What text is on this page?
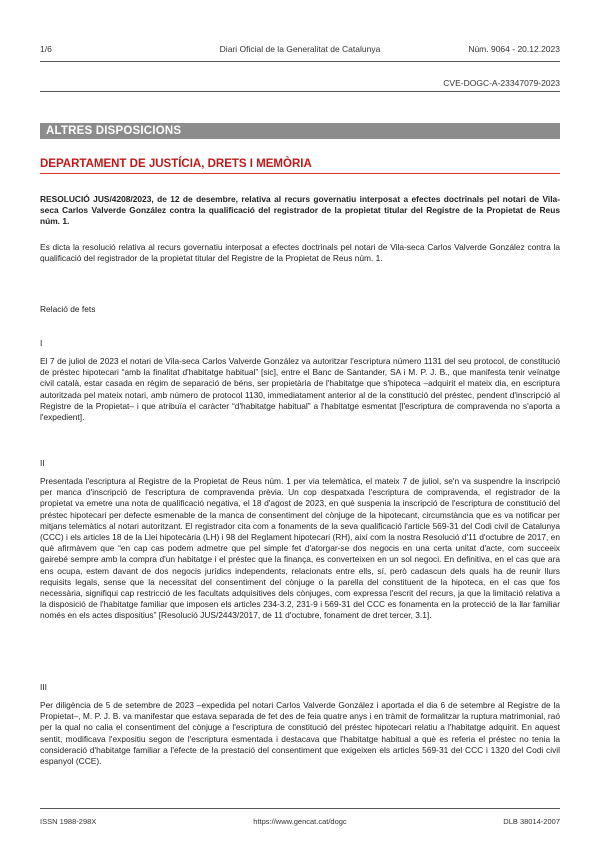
1/6	Diari Oficial de la Generalitat de Catalunya	Núm. 9064 - 20.12.2023
CVE-DOGC-A-23347079-2023
ALTRES DISPOSICIONS
DEPARTAMENT DE JUSTÍCIA, DRETS I MEMÒRIA
RESOLUCIÓ JUS/4208/2023, de 12 de desembre, relativa al recurs governatiu interposat a efectes doctrinals pel notari de Vila-seca Carlos Valverde González contra la qualificació del registrador de la propietat titular del Registre de la Propietat de Reus núm. 1.
Es dicta la resolució relativa al recurs governatiu interposat a efectes doctrinals pel notari de Vila-seca Carlos Valverde González contra la qualificació del registrador de la propietat titular del Registre de la Propietat de Reus núm. 1.
Relació de fets
I
El 7 de juliol de 2023 el notari de Vila-seca Carlos Valverde González va autoritzar l'escriptura número 1131 del seu protocol, de constitució de préstec hipotecari “amb la finalitat d'habitatge habitual” [sic], entre el Banc de Santander, SA i M. P. J. B., que manifesta tenir veïnatge civil català, estar casada en règim de separació de béns, ser propietària de l'habitatge que s'hipoteca –adquirit el mateix dia, en escriptura autoritzada pel mateix notari, amb número de protocol 1130, immediatament anterior al de la constitució del préstec, pendent d'inscripció al Registre de la Propietat– i que atribuïa el caràcter “d'habitatge habitual” a l'habitatge esmentat [l'escriptura de compravenda no s'aporta a l'expedient].
II
Presentada l'escriptura al Registre de la Propietat de Reus núm. 1 per via telemàtica, el mateix 7 de juliol, se'n va suspendre la inscripció per manca d'inscripció de l'escriptura de compravenda prèvia. Un cop despatxada l'escriptura de compravenda, el registrador de la propietat va emetre una nota de qualificació negativa, el 18 d'agost de 2023, en què suspenia la inscripció de l'escriptura de constitució del préstec hipotecari per defecte esmenable de la manca de consentiment del cònjuge de la hipotecant, circumstància que es va notificar per mitjans telemàtics al notari autoritzant. El registrador cita com a fonaments de la seva qualificació l'article 569-31 del Codi civil de Catalunya (CCC) i els articles 18 de la Llei hipotecària (LH) i 98 del Reglament hipotecari (RH), així com la nostra Resolució d'11 d'octubre de 2017, en què afirmàvem que “en cap cas podem admetre que pel simple fet d'atorgar-se dos negocis en una certa unitat d'acte, com succeeix gairebé sempre amb la compra d'un habitatge i el préstec que la finança, es converteixen en un sol negoci. En definitiva, en el cas que ara ens ocupa, estem davant de dos negocis jurídics independents, relacionats entre ells, sí, però cadascun dels quals ha de reunir llurs requisits legals, sense que la necessitat del consentiment del cònjuge o la parella del constituent de la hipoteca, en el cas que fos necessària, signifiqui cap restricció de les facultats adquisitives dels cònjuges, com expressa l'escrit del recurs, ja que la limitació relativa a la disposició de l'habitatge familiar que imposen els articles 234-3.2, 231-9 i 569-31 del CCC es fonamenta en la protecció de la llar familiar només en els actes dispositius” [Resolució JUS/2443/2017, de 11 d'octubre, fonament de dret tercer, 3.1].
III
Per diligència de 5 de setembre de 2023 –expedida pel notari Carlos Valverde González i aportada el dia 6 de setembre al Registre de la Propietat–, M. P. J. B. va manifestar que estava separada de fet des de feia quatre anys i en tràmit de formalitzar la ruptura matrimonial, raó per la qual no calia el consentiment del cònjuge a l'escriptura de constitució del préstec hipotecari relatiu a l'habitatge adquirit. En aquest sentit, modificava l'expositiu segon de l'escriptura esmentada i destacava que l'habitatge habitual a què es referia el préstec no tenia la consideració d'habitatge familiar a l'efecte de la prestació del consentiment que exigeixen els articles 569-31 del CCC i 1320 del Codi civil espanyol (CCE).
ISSN 1988-298X	https://www.gencat.cat/dogc	DLB 38014-2007
